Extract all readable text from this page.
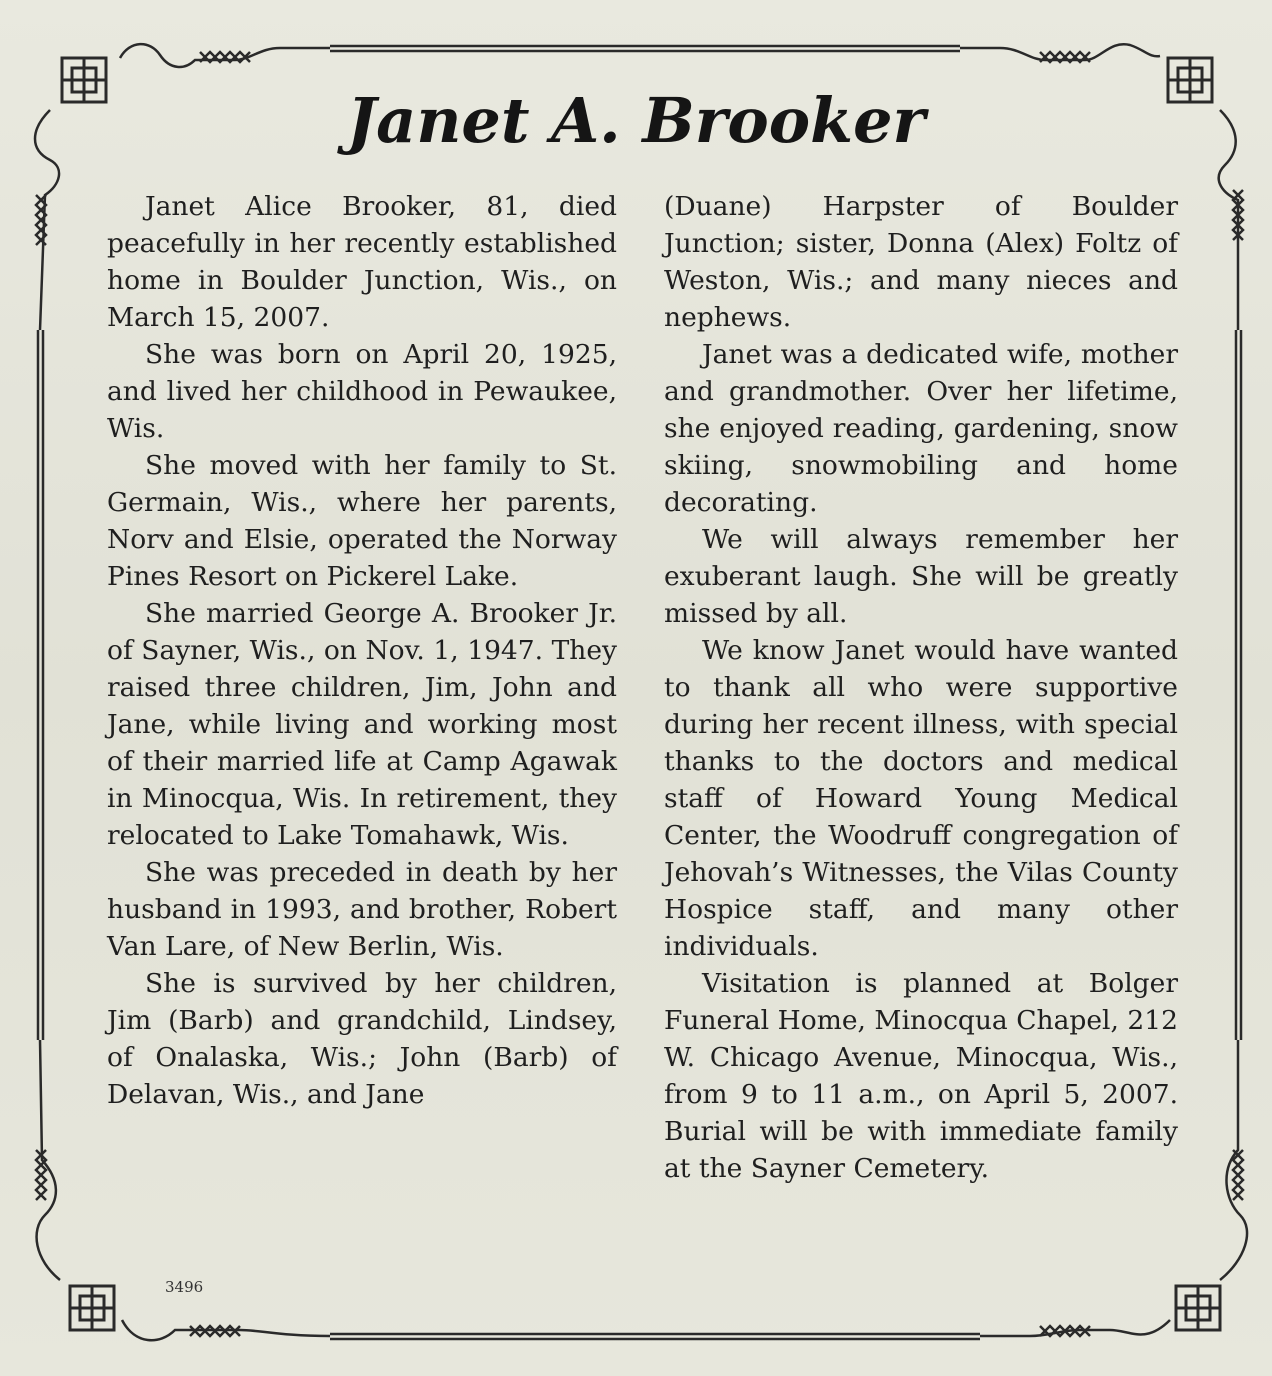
Janet A. Brooker

Janet Alice Brooker, 81, died peacefully in her recently established home in Boulder Junction, Wis., on March 15, 2007.

She was born on April 20, 1925, and lived her childhood in Pewaukee, Wis.

She moved with her family to St. Germain, Wis., where her parents, Norv and Elsie, operated the Norway Pines Resort on Pickerel Lake.

She married George A. Brooker Jr. of Sayner, Wis., on Nov. 1, 1947. They raised three children, Jim, John and Jane, while living and working most of their married life at Camp Agawak in Minocqua, Wis. In retirement, they relocated to Lake Tomahawk, Wis.

She was preceded in death by her husband in 1993, and brother, Robert Van Lare, of New Berlin, Wis.

She is survived by her children, Jim (Barb) and grandchild, Lindsey, of Onalaska, Wis.; John (Barb) of Delavan, Wis., and Jane

(Duane) Harpster of Boulder Junction; sister, Donna (Alex) Foltz of Weston, Wis.; and many nieces and nephews.

Janet was a dedicated wife, mother and grandmother. Over her lifetime, she enjoyed reading, gardening, snow skiing, snowmobiling and home decorating.

We will always remember her exuberant laugh. She will be greatly missed by all.

We know Janet would have wanted to thank all who were supportive during her recent illness, with special thanks to the doctors and medical staff of Howard Young Medical Center, the Woodruff congregation of Jehovah’s Witnesses, the Vilas County Hospice staff, and many other individuals.

Visitation is planned at Bolger Funeral Home, Minocqua Chapel, 212 W. Chicago Avenue, Minocqua, Wis., from 9 to 11 a.m., on April 5, 2007. Burial will be with immediate family at the Sayner Cemetery.

3496
